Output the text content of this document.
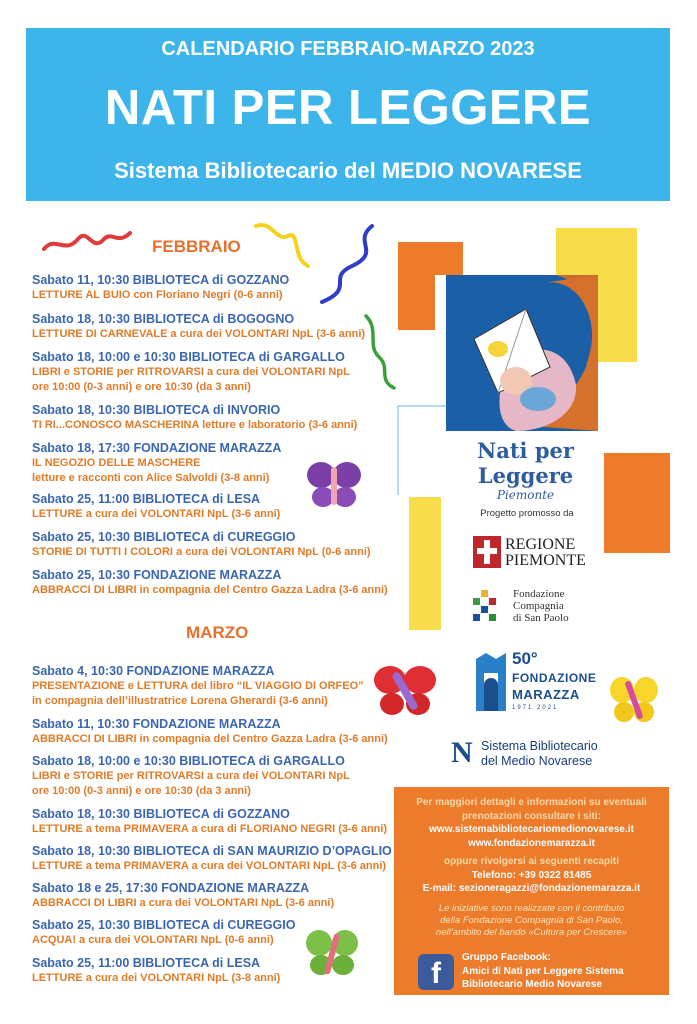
CALENDARIO FEBBRAIO-MARZO 2023
NATI PER LEGGERE
Sistema Bibliotecario del MEDIO NOVARESE
FEBBRAIO
Sabato 11, 10:30 BIBLIOTECA di GOZZANO
LETTURE AL BUIO con Floriano Negri (0-6 anni)
Sabato 18, 10:30 BIBLIOTECA di BOGOGNO
LETTURE DI CARNEVALE a cura dei VOLONTARI NpL (3-6 anni)
Sabato 18, 10:00 e 10:30 BIBLIOTECA di GARGALLO
LIBRI e STORIE per RITROVARSI a cura dei VOLONTARI NpL
ore 10:00 (0-3 anni) e ore 10:30 (da 3 anni)
Sabato 18, 10:30 BIBLIOTECA di INVORIO
TI RI...CONOSCO MASCHERINA letture e laboratorio (3-6 anni)
Sabato 18, 17:30 FONDAZIONE MARAZZA
IL NEGOZIO DELLE MASCHERE
letture e racconti con Alice Salvoldi (3-8 anni)
Sabato 25, 11:00 BIBLIOTECA di LESA
LETTURE a cura dei VOLONTARI NpL (3-6 anni)
Sabato 25, 10:30 BIBLIOTECA di CUREGGIO
STORIE DI TUTTI I COLORI a cura dei VOLONTARI NpL (0-6 anni)
Sabato 25, 10:30 FONDAZIONE MARAZZA
ABBRACCI DI LIBRI in compagnia del Centro Gazza Ladra (3-6 anni)
MARZO
Sabato 4, 10:30 FONDAZIONE MARAZZA
PRESENTAZIONE e LETTURA del libro “IL VIAGGIO DI ORFEO”
in compagnia dell’illustratrice Lorena Gherardi (3-6 anni)
Sabato 11, 10:30 FONDAZIONE MARAZZA
ABBRACCI DI LIBRI in compagnia del Centro Gazza Ladra (3-6 anni)
Sabato 18, 10:00 e 10:30 BIBLIOTECA di GARGALLO
LIBRI e STORIE per RITROVARSI a cura dei VOLONTARI NpL
ore 10:00 (0-3 anni) e ore 10:30 (da 3 anni)
Sabato 18, 10:30 BIBLIOTECA di GOZZANO
LETTURE a tema PRIMAVERA a cura di FLORIANO NEGRI (3-6 anni)
Sabato 18, 10:30 BIBLIOTECA di SAN MAURIZIO D’OPAGLIO
LETTURE a tema PRIMAVERA a cura dei VOLONTARI NpL (3-6 anni)
Sabato 18 e 25, 17:30 FONDAZIONE MARAZZA
ABBRACCI DI LIBRI a cura dei VOLONTARI NpL (3-6 anni)
Sabato 25, 10:30 BIBLIOTECA di CUREGGIO
ACQUA! a cura dei VOLONTARI NpL (0-6 anni)
Sabato 25, 11:00 BIBLIOTECA di LESA
LETTURE a cura dei VOLONTARI NpL (3-8 anni)
Nati per Leggere
Piemonte
Progetto promosso da
REGIONE
PIEMONTE
Fondazione
Compagnia
di San Paolo
50°
FONDAZIONE
MARAZZA
1971 2021
N Sistema Bibliotecario
del Medio Novarese

Per maggiori dettagli e informazioni su eventuali

prenotazioni consultare i siti:

www.sistemabibliotecariomedionovarese.it

www.fondazionemarazza.it

oppure rivolgersi ai seguenti recapiti

Telefono: +39 0322 81485

E-mail: sezioneragazzi@fondazionemarazza.it

Le iniziative sono realizzate con il contributo

della Fondazione Compagnia di San Paolo,

nell’ambito del bando «Cultura per Crescere»

f	Gruppo Facebook:
Amici di Nati per Leggere Sistema
Bibliotecario Medio Novarese
